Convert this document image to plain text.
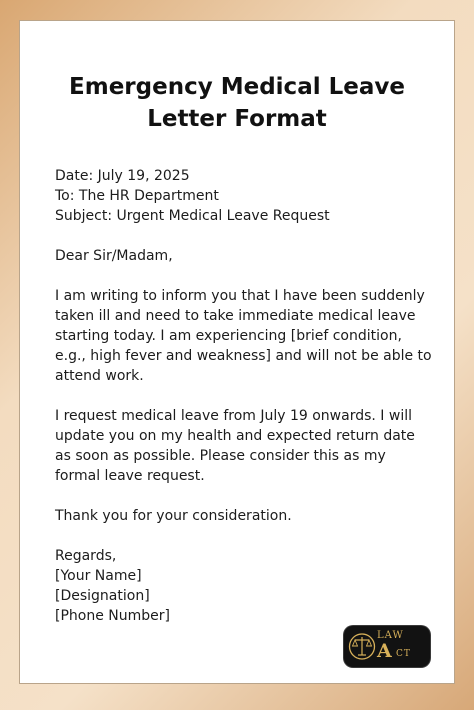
Emergency Medical Leave
Letter Format
Date: July 19, 2025
To: The HR Department
Subject: Urgent Medical Leave Request
Dear Sir/Madam,
I am writing to inform you that I have been suddenly
taken ill and need to take immediate medical leave
starting today. I am experiencing [brief condition,
e.g., high fever and weakness] and will not be able to
attend work.
I request medical leave from July 19 onwards. I will
update you on my health and expected return date
as soon as possible. Please consider this as my
formal leave request.
Thank you for your consideration.
Regards,
[Your Name]
[Designation]
[Phone Number]
LAW
A CT
